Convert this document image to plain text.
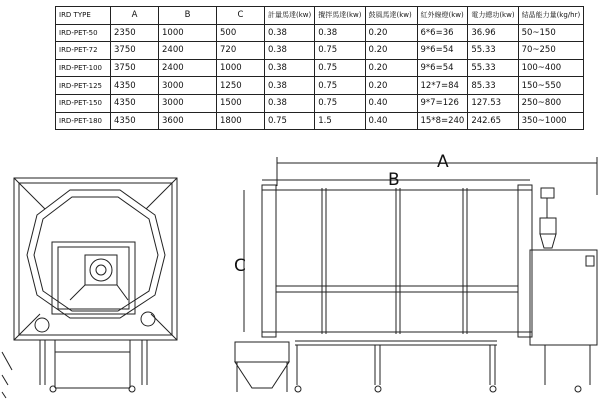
IRD TYPE	A	B	C	計量馬達(kw)	攪拌馬達(kw)	鼓風馬達(kw)	紅外線燈(kw)	電力總功(kw)	結晶能力量(kg/hr)
IRD-PET-50	2350	1000	500	0.38	0.38	0.20	6*6=36	36.96	50~150
IRD-PET-72	3750	2400	720	0.38	0.75	0.20	9*6=54	55.33	70~250
IRD-PET-100	3750	2400	1000	0.38	0.75	0.20	9*6=54	55.33	100~400
IRD-PET-125	4350	3000	1250	0.38	0.75	0.20	12*7=84	85.33	150~550
IRD-PET-150	4350	3000	1500	0.38	0.75	0.40	9*7=126	127.53	250~800
IRD-PET-180	4350	3600	1800	0.75	1.5	0.40	15*8=240	242.65	350~1000
A
B
C
